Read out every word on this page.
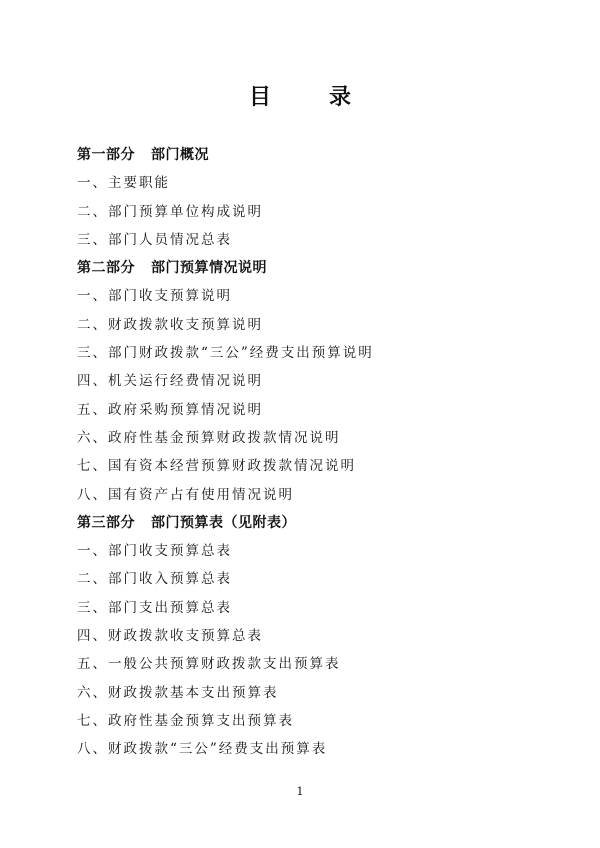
目　录
第一部分 部门概况
一、主要职能
二、部门预算单位构成说明
三、部门人员情况总表
第二部分 部门预算情况说明
一、部门收支预算说明
二、财政拨款收支预算说明
三、部门财政拨款“三公”经费支出预算说明
四、机关运行经费情况说明
五、政府采购预算情况说明
六、政府性基金预算财政拨款情况说明
七、国有资本经营预算财政拨款情况说明
八、国有资产占有使用情况说明
第三部分 部门预算表（见附表）
一、部门收支预算总表
二、部门收入预算总表
三、部门支出预算总表
四、财政拨款收支预算总表
五、一般公共预算财政拨款支出预算表
六、财政拨款基本支出预算表
七、政府性基金预算支出预算表
八、财政拨款“三公”经费支出预算表
1
